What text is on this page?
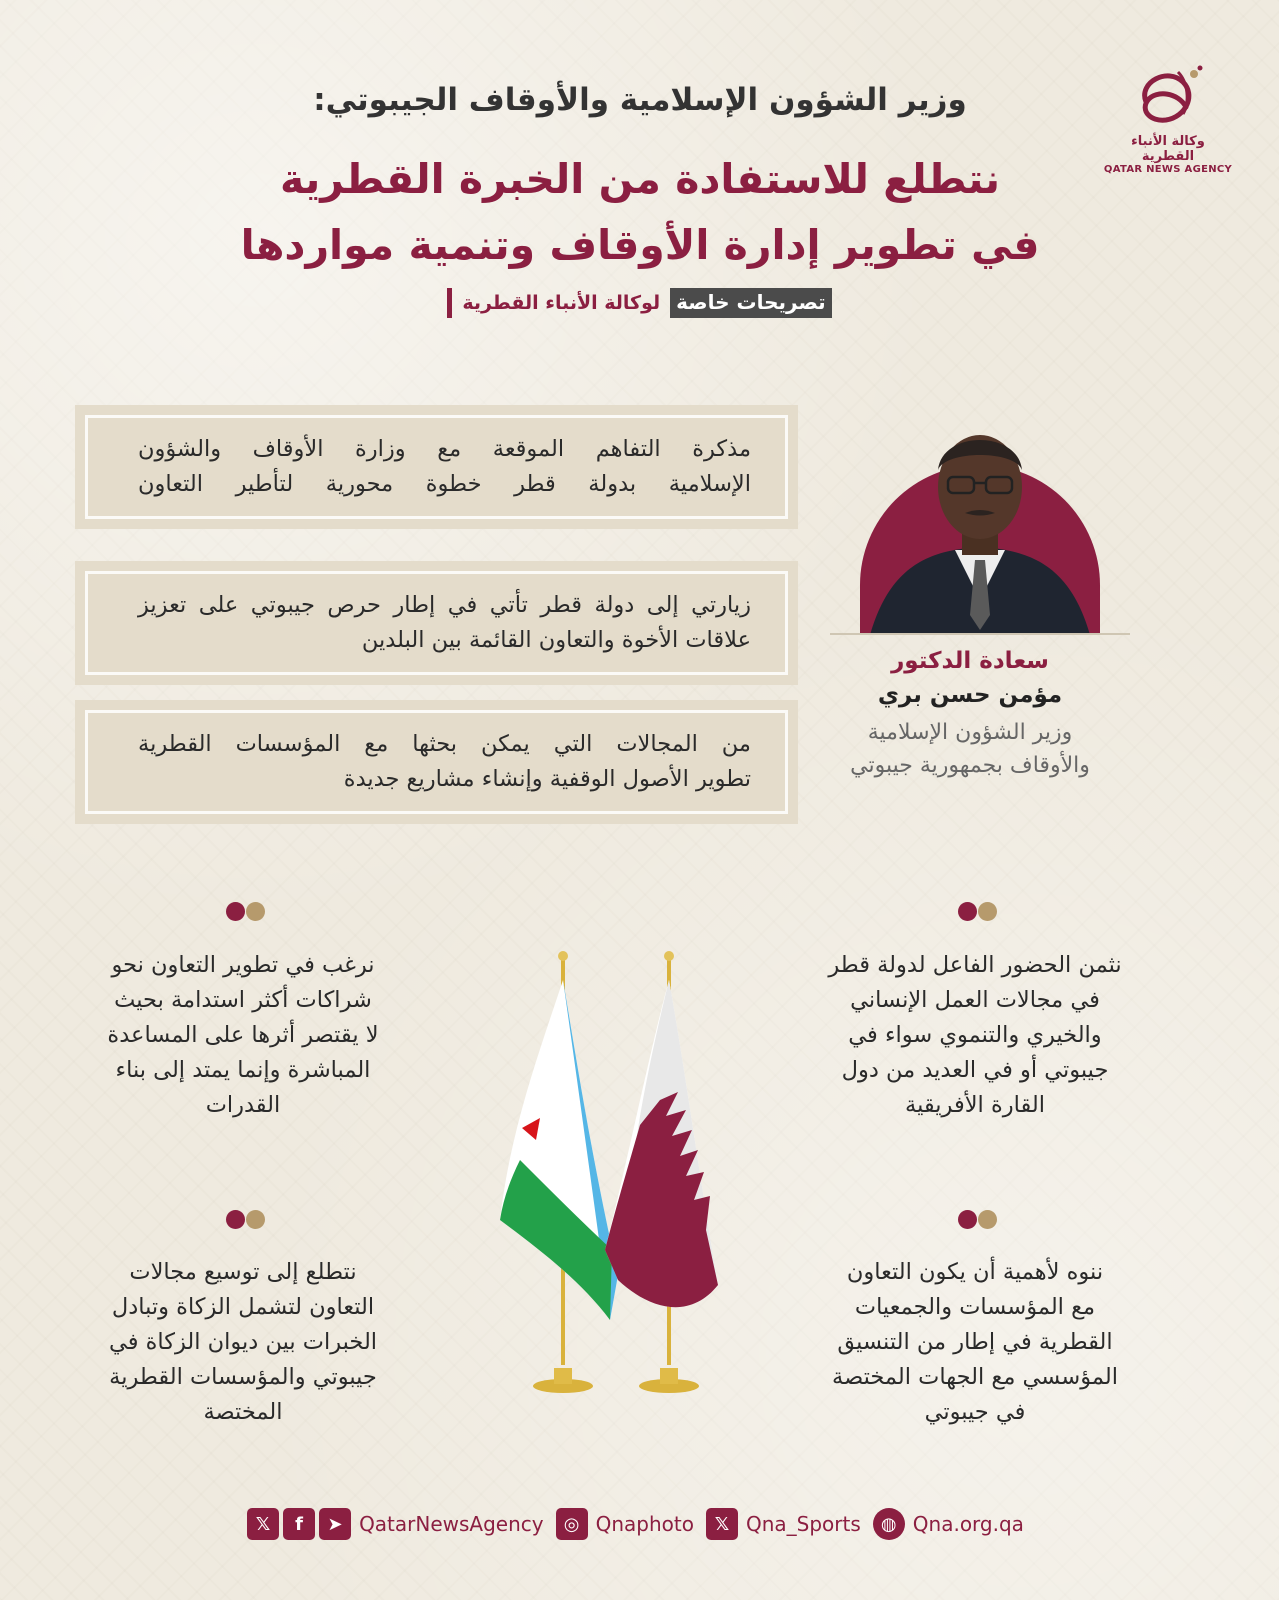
وكالة الأنباء القطرية
QATAR NEWS AGENCY
وزير الشؤون الإسلامية والأوقاف الجيبوتي:
نتطلع للاستفادة من الخبرة القطرية
في تطوير إدارة الأوقاف وتنمية مواردها
تصريحات خاصة
لوكالة الأنباء القطرية
مذكرة التفاهم الموقعة مع وزارة الأوقاف والشؤون
الإسلامية بدولة قطر خطوة محورية لتأطير التعاون
زيارتي إلى دولة قطر تأتي في إطار حرص جيبوتي على تعزيز
علاقات الأخوة والتعاون القائمة بين البلدين
من المجالات التي يمكن بحثها مع المؤسسات القطرية
تطوير الأصول الوقفية وإنشاء مشاريع جديدة
سعادة الدكتور
مؤمن حسن بري
وزير الشؤون الإسلامية
والأوقاف بجمهورية جيبوتي
نثمن الحضور الفاعل لدولة قطر
في مجالات العمل الإنساني
والخيري والتنموي سواء في
جيبوتي أو في العديد من دول
القارة الأفريقية
نرغب في تطوير التعاون نحو
شراكات أكثر استدامة بحيث
لا يقتصر أثرها على المساعدة
المباشرة وإنما يمتد إلى بناء
القدرات
ننوه لأهمية أن يكون التعاون
مع المؤسسات والجمعيات
القطرية في إطار من التنسيق
المؤسسي مع الجهات المختصة
في جيبوتي
نتطلع إلى توسيع مجالات
التعاون لتشمل الزكاة وتبادل
الخبرات بين ديوان الزكاة في
جيبوتي والمؤسسات القطرية
المختصة
𝕏	f	➤ QatarNewsAgency	◎ Qnaphoto	𝕏 Qna_Sports	◍ Qna.org.qa
